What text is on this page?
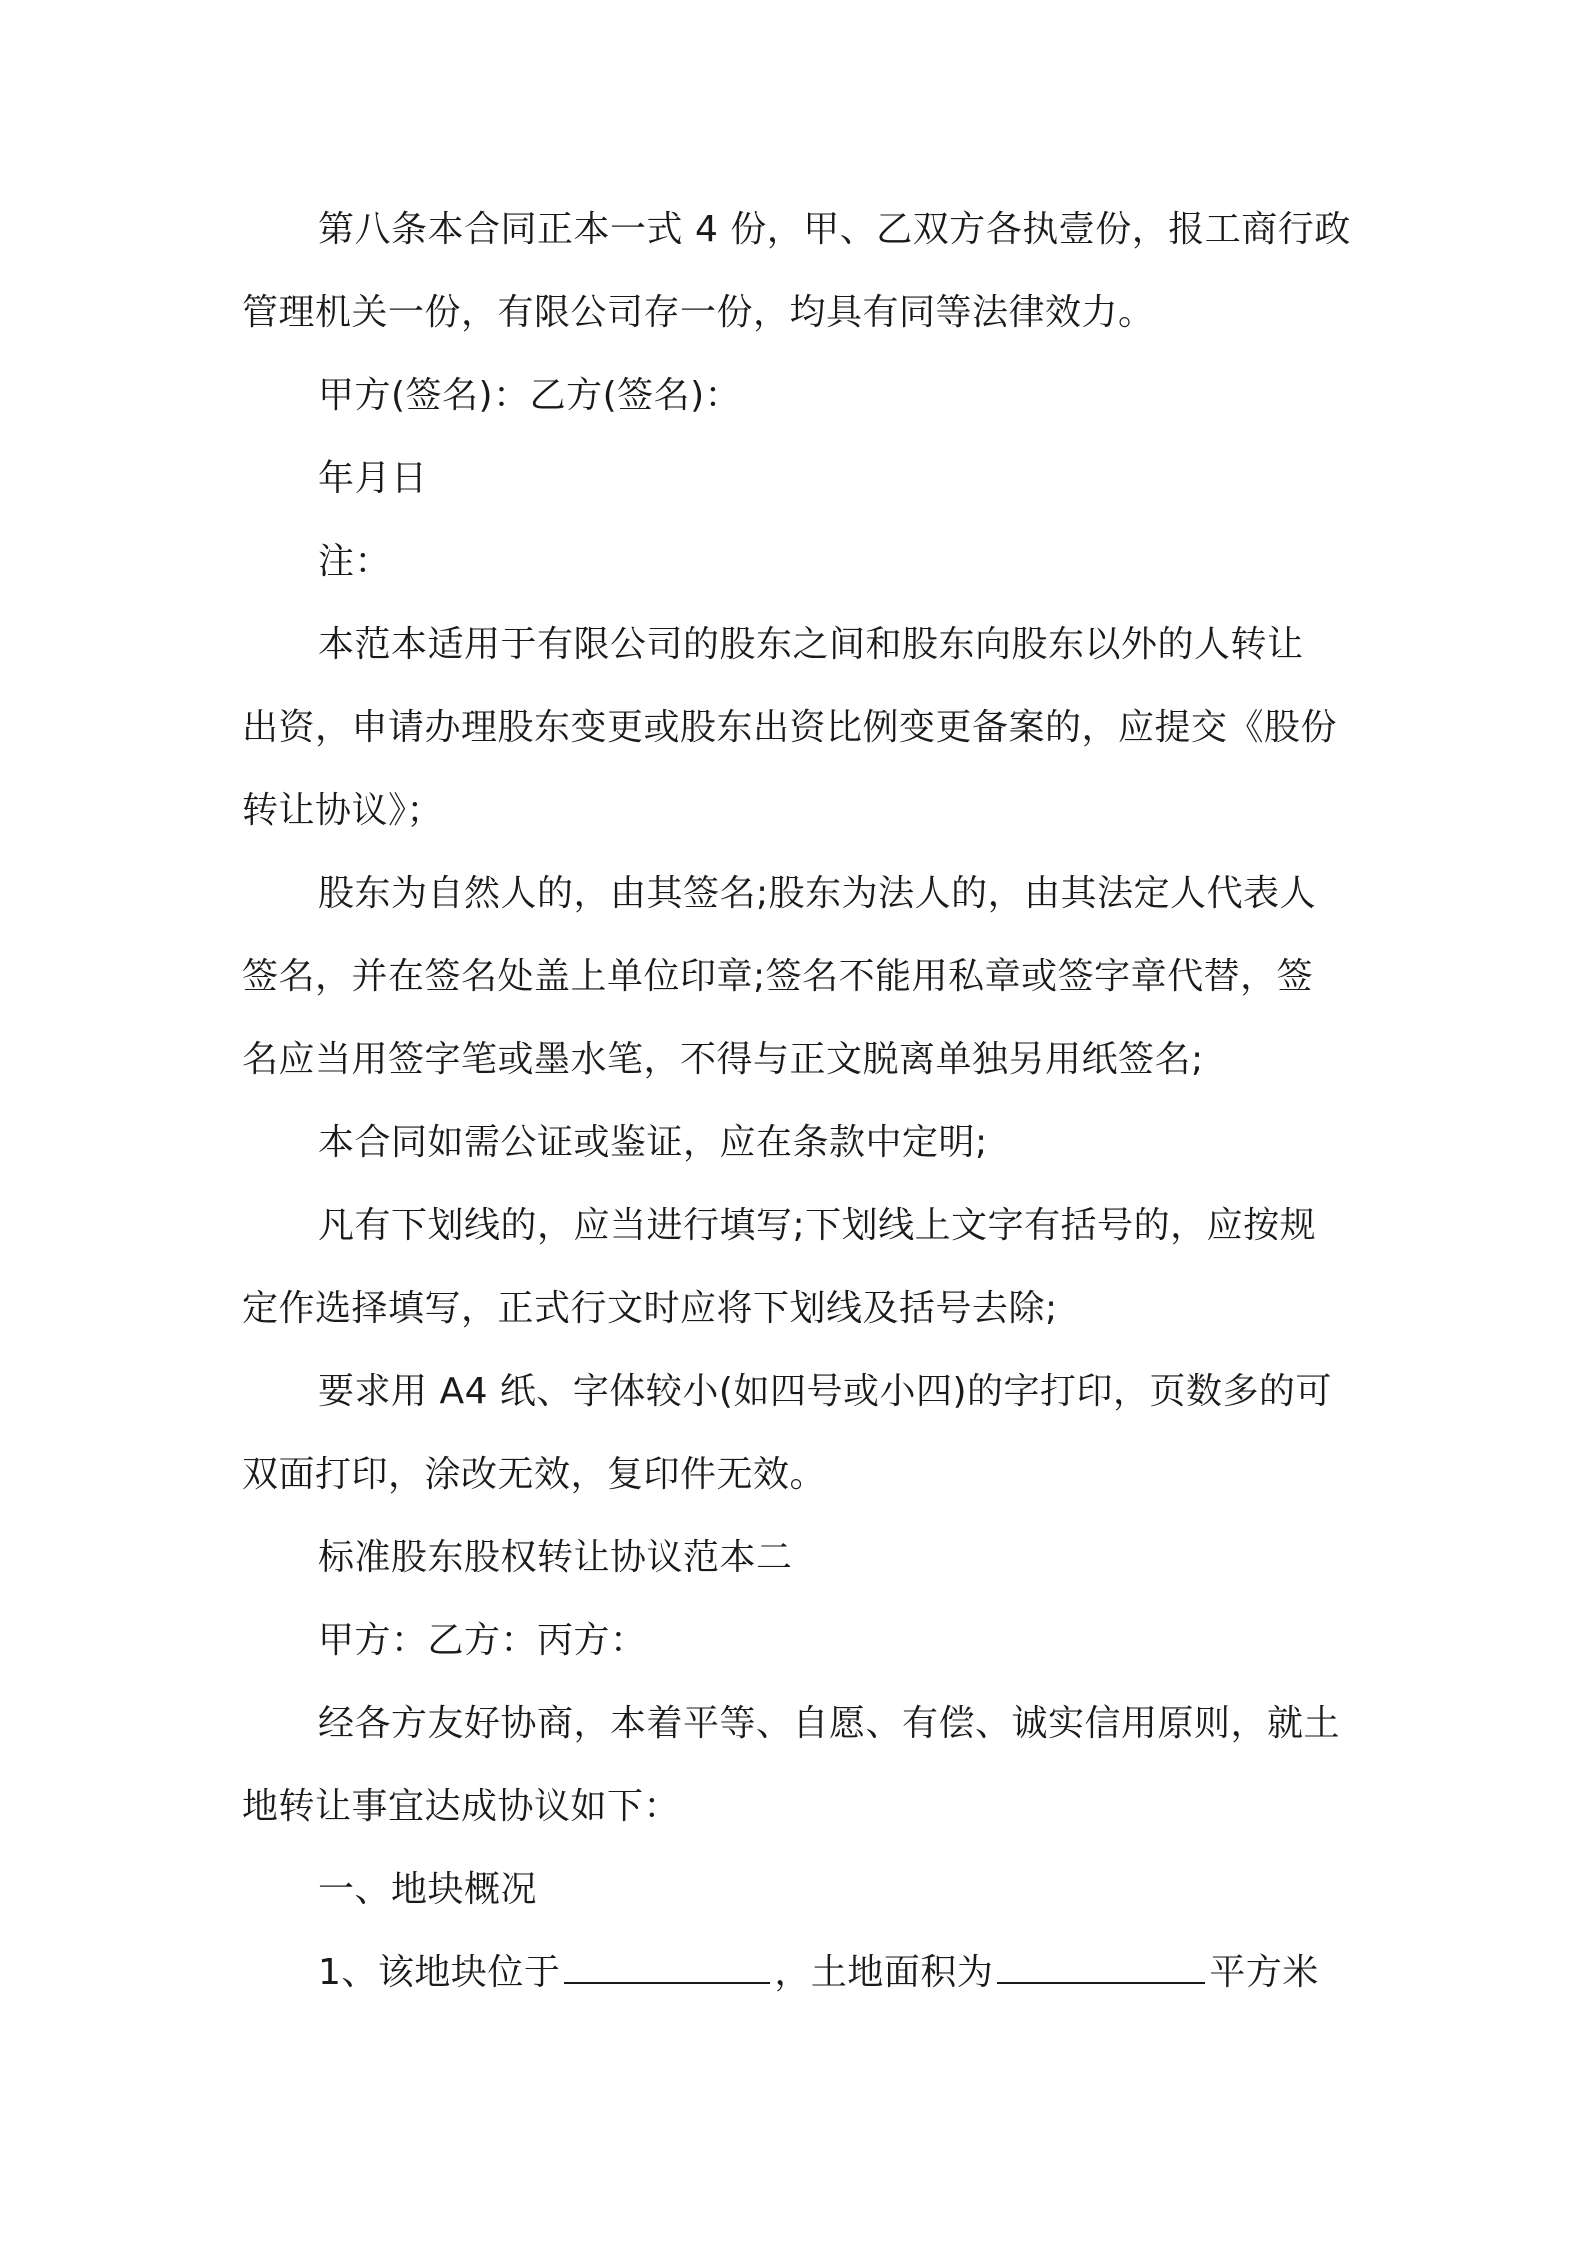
第八条本合同正本一式 4 份，甲、乙双方各执壹份，报工商行政
管理机关一份，有限公司存一份，均具有同等法律效力。
甲方(签名)：乙方(签名)：
年月日
注：
本范本适用于有限公司的股东之间和股东向股东以外的人转让
出资，申请办理股东变更或股东出资比例变更备案的，应提交《股份
转让协议》；
股东为自然人的，由其签名;股东为法人的，由其法定人代表人
签名，并在签名处盖上单位印章;签名不能用私章或签字章代替，签
名应当用签字笔或墨水笔，不得与正文脱离单独另用纸签名;
本合同如需公证或鉴证，应在条款中定明;
凡有下划线的，应当进行填写;下划线上文字有括号的，应按规
定作选择填写，正式行文时应将下划线及括号去除;
要求用 A4 纸、字体较小(如四号或小四)的字打印，页数多的可
双面打印，涂改无效，复印件无效。
标准股东股权转让协议范本二
甲方：乙方：丙方：
经各方友好协商，本着平等、自愿、有偿、诚实信用原则，就土
地转让事宜达成协议如下：
一、地块概况
1、该地块位于	，土地面积为	平方米
